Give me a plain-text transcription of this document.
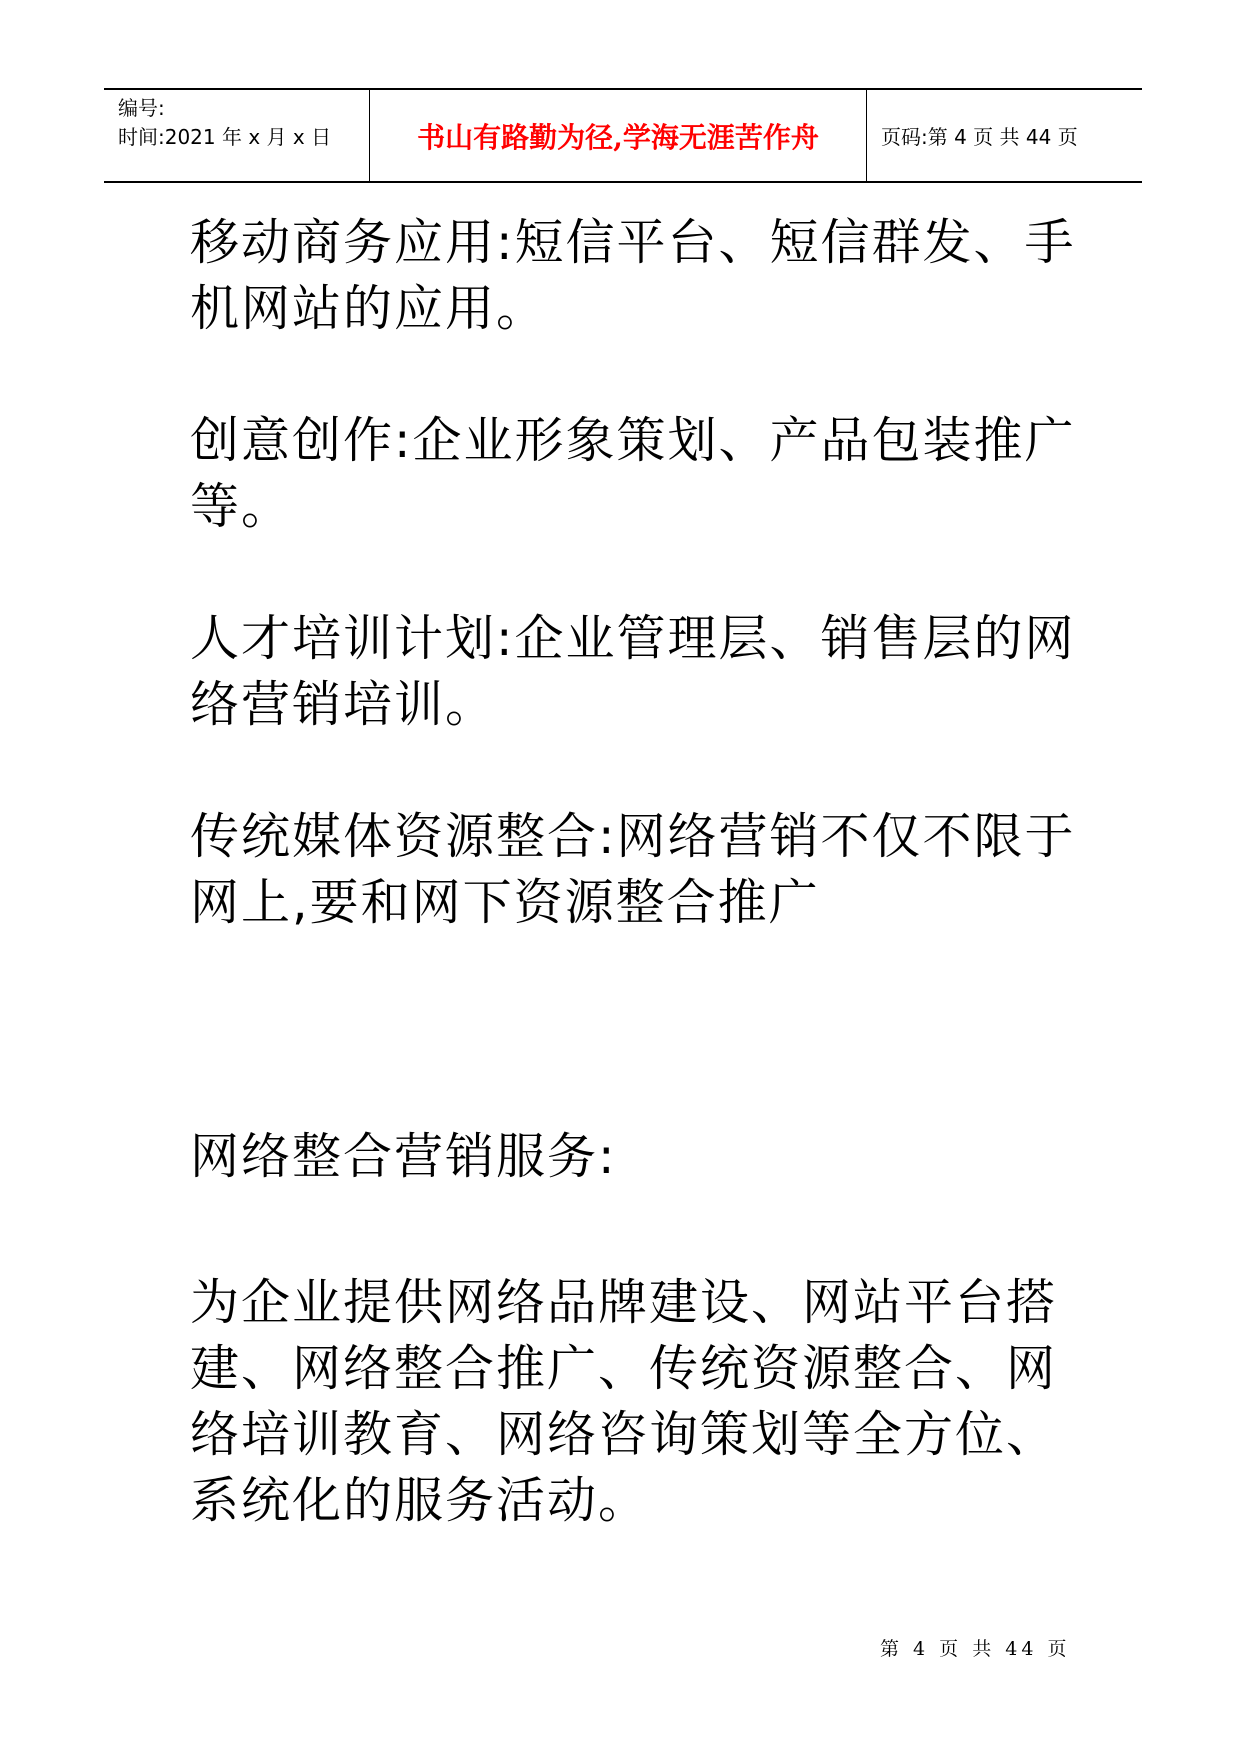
编号:
时间:2021 年 x 月 x 日	书山有路勤为径,学海无涯苦作舟	页码:第 4 页 共 44 页

移动商务应用:短信平台、短信群发、手机网站的应用。

创意创作:企业形象策划、产品包装推广等。

人才培训计划:企业管理层、销售层的网络营销培训。

传统媒体资源整合:网络营销不仅不限于网上,要和网下资源整合推广

网络整合营销服务:

为企业提供网络品牌建设、网站平台搭建、网络整合推广、传统资源整合、网络培训教育、网络咨询策划等全方位、系统化的服务活动。

第 4 页 共 44 页
